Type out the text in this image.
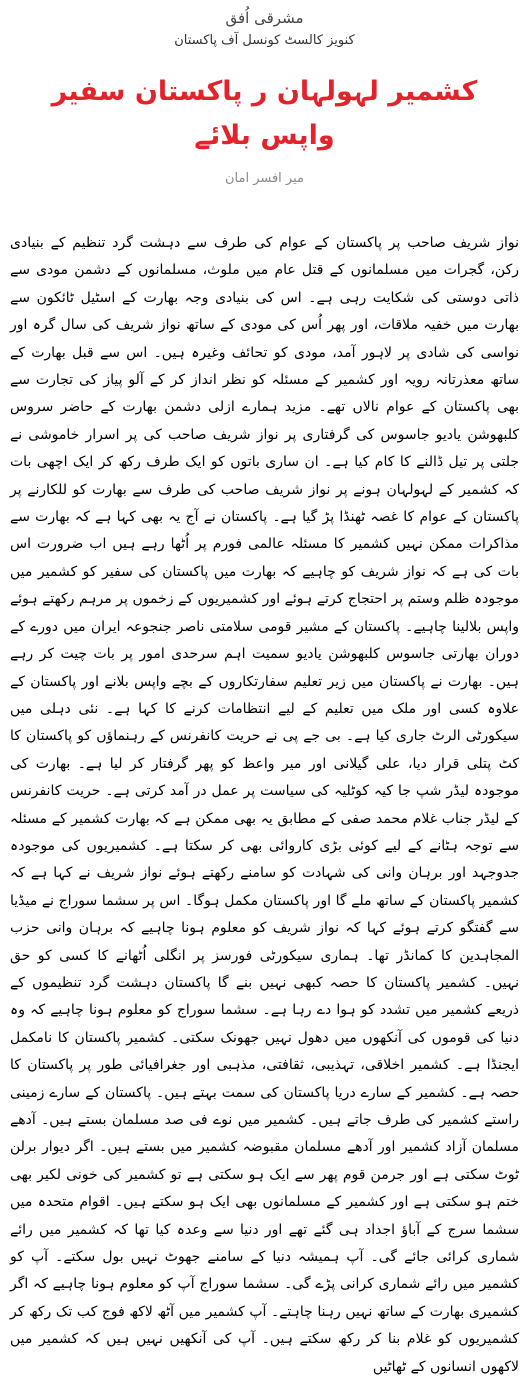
مشرقی اُفق

کنویز کالسٹ کونسل آف پاکستان

کشمیر لہولہان ر پاکستان سفیر واپس بلائے

میر افسر امان

نواز شریف صاحب پر پاکستان کے عوام کی طرف سے دہشت گرد تنظیم کے بنیادی رکن، گجرات میں مسلمانوں کے قتل عام میں ملوث، مسلمانوں کے دشمن مودی سے ذاتی دوستی کی شکایت رہی ہے۔ اس کی بنیادی وجہ بھارت کے اسٹیل ٹائکون سے بھارت میں خفیہ ملاقات، اور پھر اُس کی مودی کے ساتھ نواز شریف کی سال گرہ اور نواسی کی شادی پر لاہور آمد، مودی کو تحائف وغیرہ ہیں۔ اس سے قبل بھارت کے ساتھ معذرتانہ رویہ اور کشمیر کے مسئلہ کو نظر انداز کر کے آلو پیاز کی تجارت سے بھی پاکستان کے عوام نالاں تھے۔ مزید ہمارے ازلی دشمن بھارت کے حاضر سروس کلبھوشن یادیو جاسوس کی گرفتاری پر نواز شریف صاحب کی پر اسرار خاموشی نے جلتی پر تیل ڈالنے کا کام کیا ہے۔ ان ساری باتوں کو ایک طرف رکھ کر ایک اچھی بات کہ کشمیر کے لہولہان ہونے پر نواز شریف صاحب کی طرف سے بھارت کو للکارنے پر پاکستان کے عوام کا غصہ ٹھنڈا پڑ گیا ہے۔ پاکستان نے آج یہ بھی کہا ہے کہ بھارت سے مذاکرات ممکن نہیں کشمیر کا مسئلہ عالمی فورم پر اُٹھا رہے ہیں اب ضرورت اس بات کی ہے کہ نواز شریف کو چاہیے کہ بھارت میں پاکستان کی سفیر کو کشمیر میں موجودہ ظلم وستم پر احتجاج کرتے ہوئے اور کشمیریوں کے زخموں پر مرہم رکھتے ہوئے واپس بلالینا چاہیے۔ پاکستان کے مشیر قومی سلامتی ناصر جنجوعہ ایران میں دورے کے دوران بھارتی جاسوس کلبھوشن یادیو سمیت اہم سرحدی امور پر بات چیت کر رہے ہیں۔ بھارت نے پاکستان میں زیر تعلیم سفارتکاروں کے بچے واپس بلانے اور پاکستان کے علاوہ کسی اور ملک میں تعلیم کے لیے انتظامات کرنے کا کہا ہے۔ نئی دہلی میں سیکورٹی الرٹ جاری کیا ہے۔ بی جے پی نے حریت کانفرنس کے رہنماؤں کو پاکستان کا کٹ پتلی قرار دیا، علی گیلانی اور میر واعظ کو پھر گرفتار کر لیا ہے۔ بھارت کی موجودہ لیڈر شپ جا کیہ کوٹلیہ کی سیاست پر عمل در آمد کرتی ہے۔ حریت کانفرنس کے لیڈر جناب غلام محمد صفی کے مطابق یہ بھی ممکن ہے کہ بھارت کشمیر کے مسئلہ سے توجہ ہٹانے کے لیے کوئی بڑی کاروائی بھی کر سکتا ہے۔ کشمیریوں کی موجودہ جدوجہد اور برہان وانی کی شہادت کو سامنے رکھتے ہوئے نواز شریف نے کہا ہے کہ کشمیر پاکستان کے ساتھ ملے گا اور پاکستان مکمل ہوگا۔ اس پر سشما سوراج نے میڈیا سے گفتگو کرتے ہوئے کہا کہ نواز شریف کو معلوم ہونا چاہیے کہ برہان وانی حزب المجاہدین کا کمانڈر تھا۔ ہماری سیکورٹی فورسز پر انگلی اُٹھانے کا کسی کو حق نہیں۔ کشمیر پاکستان کا حصہ کبھی نہیں بنے گا پاکستان دہشت گرد تنظیموں کے ذریعے کشمیر میں تشدد کو ہوا دے رہا ہے۔ سشما سوراج کو معلوم ہونا چاہیے کہ وہ دنیا کی قوموں کی آنکھوں میں دھول نہیں جھونک سکتی۔ کشمیر پاکستان کا نامکمل ایجنڈا ہے۔ کشمیر اخلاقی، تہذیبی، ثقافتی، مذہبی اور جغرافیائی طور پر پاکستان کا حصہ ہے۔ کشمیر کے سارے دریا پاکستان کی سمت بہتے ہیں۔ پاکستان کے سارے زمینی راستے کشمیر کی طرف جاتے ہیں۔ کشمیر میں نوے فی صد مسلمان بستے ہیں۔ آدھے مسلمان آزاد کشمیر اور آدھے مسلمان مقبوضہ کشمیر میں بستے ہیں۔ اگر دیوار برلن ٹوٹ سکتی ہے اور جرمن قوم پھر سے ایک ہو سکتی ہے تو کشمیر کی خونی لکیر بھی ختم ہو سکتی ہے اور کشمیر کے مسلمانوں بھی ایک ہو سکتے ہیں۔ اقوام متحدہ میں سشما سرج کے آباؤ اجداد ہی گئے تھے اور دنیا سے وعدہ کیا تھا کہ کشمیر میں رائے شماری کرائی جائے گی۔ آپ ہمیشہ دنیا کے سامنے جھوٹ نہیں بول سکتے۔ آپ کو کشمیر میں رائے شماری کرانی پڑے گی۔ سشما سوراج آپ کو معلوم ہونا چاہیے کہ اگر کشمیری بھارت کے ساتھ نہیں رہنا چاہتے۔ آپ کشمیر میں آٹھ لاکھ فوج کب تک رکھ کر کشمیریوں کو غلام بنا کر رکھ سکتے ہیں۔ آپ کی آنکھیں نہیں ہیں کہ کشمیر میں لاکھوں انسانوں کے ٹھاٹیں
